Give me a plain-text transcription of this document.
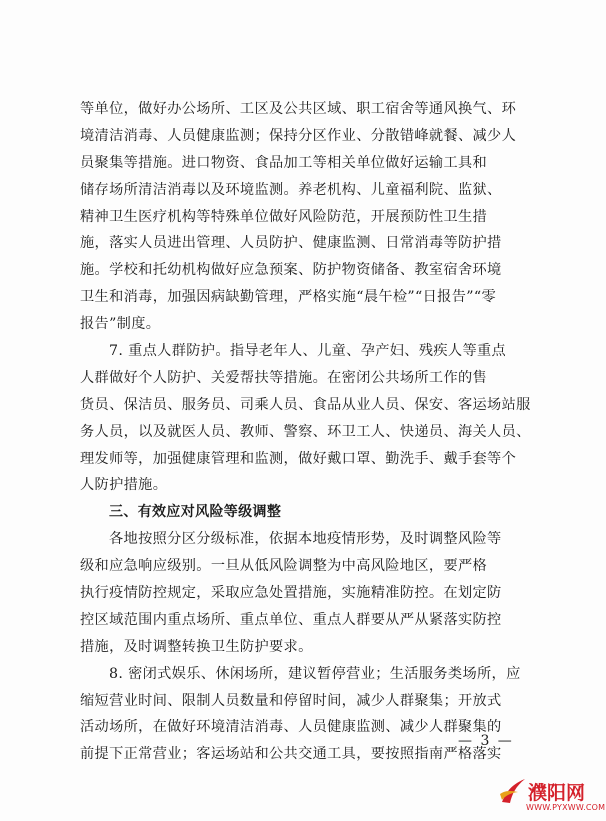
等单位，做好办公场所、工区及公共区域、职工宿舍等通风换气、环
境清洁消毒、人员健康监测；保持分区作业、分散错峰就餐、减少人
员聚集等措施。进口物资、食品加工等相关单位做好运输工具和
储存场所清洁消毒以及环境监测。养老机构、儿童福利院、监狱、
精神卫生医疗机构等特殊单位做好风险防范，开展预防性卫生措
施，落实人员进出管理、人员防护、健康监测、日常消毒等防护措
施。学校和托幼机构做好应急预案、防护物资储备、教室宿舍环境
卫生和消毒，加强因病缺勤管理，严格实施“晨午检”“日报告”“零
报告”制度。
7. 重点人群防护。指导老年人、儿童、孕产妇、残疾人等重点
人群做好个人防护、关爱帮扶等措施。在密闭公共场所工作的售
货员、保洁员、服务员、司乘人员、食品从业人员、保安、客运场站服
务人员，以及就医人员、教师、警察、环卫工人、快递员、海关人员、
理发师等，加强健康管理和监测，做好戴口罩、勤洗手、戴手套等个
人防护措施。
三、有效应对风险等级调整
各地按照分区分级标准，依据本地疫情形势，及时调整风险等
级和应急响应级别。一旦从低风险调整为中高风险地区，要严格
执行疫情防控规定，采取应急处置措施，实施精准防控。在划定防
控区域范围内重点场所、重点单位、重点人群要从严从紧落实防控
措施，及时调整转换卫生防护要求。
8. 密闭式娱乐、休闲场所，建议暂停营业；生活服务类场所，应
缩短营业时间、限制人员数量和停留时间，减少人群聚集；开放式
活动场所，在做好环境清洁消毒、人员健康监测、减少人群聚集的
前提下正常营业；客运场站和公共交通工具，要按照指南严格落实
— 3 —
濮阳网
WWW.PYXWW.COM
